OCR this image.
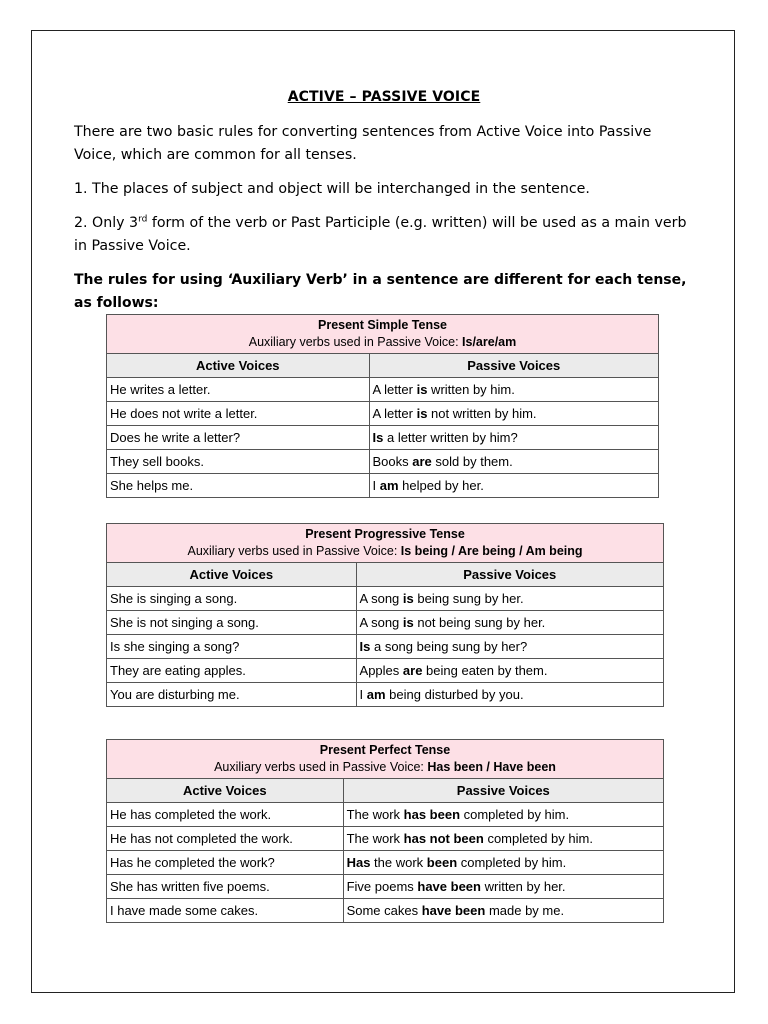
ACTIVE – PASSIVE VOICE
There are two basic rules for converting sentences from Active Voice into Passive Voice, which are common for all tenses.
1. The places of subject and object will be interchanged in the sentence.
2. Only 3rd form of the verb or Past Participle (e.g. written) will be used as a main verb in Passive Voice.
The rules for using ‘Auxiliary Verb’ in a sentence are different for each tense, as follows:
Present Simple Tense
Auxiliary verbs used in Passive Voice: Is/are/am	

Active Voices	Passive Voices
He writes a letter.	A letter is written by him.
He does not write a letter.	A letter is not written by him.
Does he write a letter?	Is a letter written by him?
They sell books.	Books are sold by them.
She helps me.	I am helped by her.
Present Progressive Tense
Auxiliary verbs used in Passive Voice: Is being / Are being / Am being	

Active Voices	Passive Voices
She is singing a song.	A song is being sung by her.
She is not singing a song.	A song is not being sung by her.
Is she singing a song?	Is a song being sung by her?
They are eating apples.	Apples are being eaten by them.
You are disturbing me.	I am being disturbed by you.
Present Perfect Tense
Auxiliary verbs used in Passive Voice: Has been / Have been	

Active Voices	Passive Voices
He has completed the work.	The work has been completed by him.
He has not completed the work.	The work has not been completed by him.
Has he completed the work?	Has the work been completed by him.
She has written five poems.	Five poems have been written by her.
I have made some cakes.	Some cakes have been made by me.
